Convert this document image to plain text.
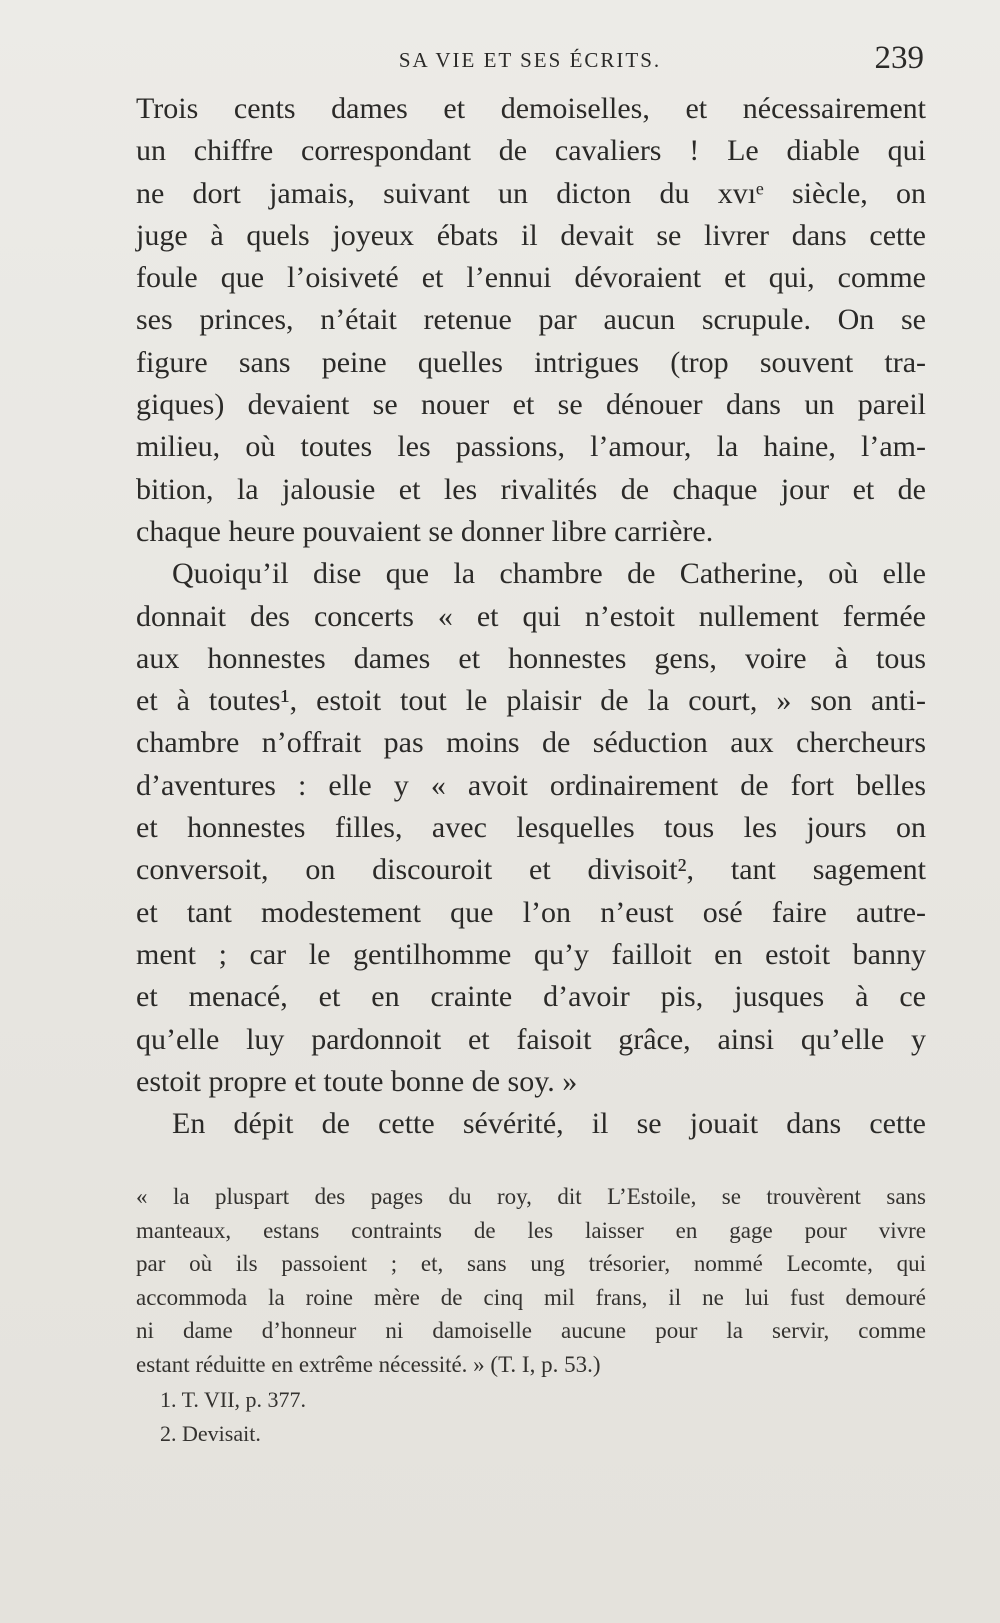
SA VIE ET SES ÉCRITS.	239
Trois cents dames et demoiselles, et nécessairement
un chiffre correspondant de cavaliers ! Le diable qui
ne dort jamais, suivant un dicton du xvıᵉ siècle, on
juge à quels joyeux ébats il devait se livrer dans cette
foule que l’oisiveté et l’ennui dévoraient et qui, comme
ses princes, n’était retenue par aucun scrupule. On se
figure sans peine quelles intrigues (trop souvent tra-
giques) devaient se nouer et se dénouer dans un pareil
milieu, où toutes les passions, l’amour, la haine, l’am-
bition, la jalousie et les rivalités de chaque jour et de
chaque heure pouvaient se donner libre carrière.
Quoiqu’il dise que la chambre de Catherine, où elle
donnait des concerts « et qui n’estoit nullement fermée
aux honnestes dames et honnestes gens, voire à tous
et à toutes¹, estoit tout le plaisir de la court, » son anti-
chambre n’offrait pas moins de séduction aux chercheurs
d’aventures : elle y « avoit ordinairement de fort belles
et honnestes filles, avec lesquelles tous les jours on
conversoit, on discouroit et divisoit², tant sagement
et tant modestement que l’on n’eust osé faire autre-
ment ; car le gentilhomme qu’y failloit en estoit banny
et menacé, et en crainte d’avoir pis, jusques à ce
qu’elle luy pardonnoit et faisoit grâce, ainsi qu’elle y
estoit propre et toute bonne de soy. »
En dépit de cette sévérité, il se jouait dans cette
« la pluspart des pages du roy, dit L’Estoile, se trouvèrent sans
manteaux, estans contraints de les laisser en gage pour vivre
par où ils passoient ; et, sans ung trésorier, nommé Lecomte, qui
accommoda la roine mère de cinq mil frans, il ne lui fust demouré
ni dame d’honneur ni damoiselle aucune pour la servir, comme
estant réduitte en extrême nécessité. » (T. I, p. 53.)
1. T. VII, p. 377.
2. Devisait.
